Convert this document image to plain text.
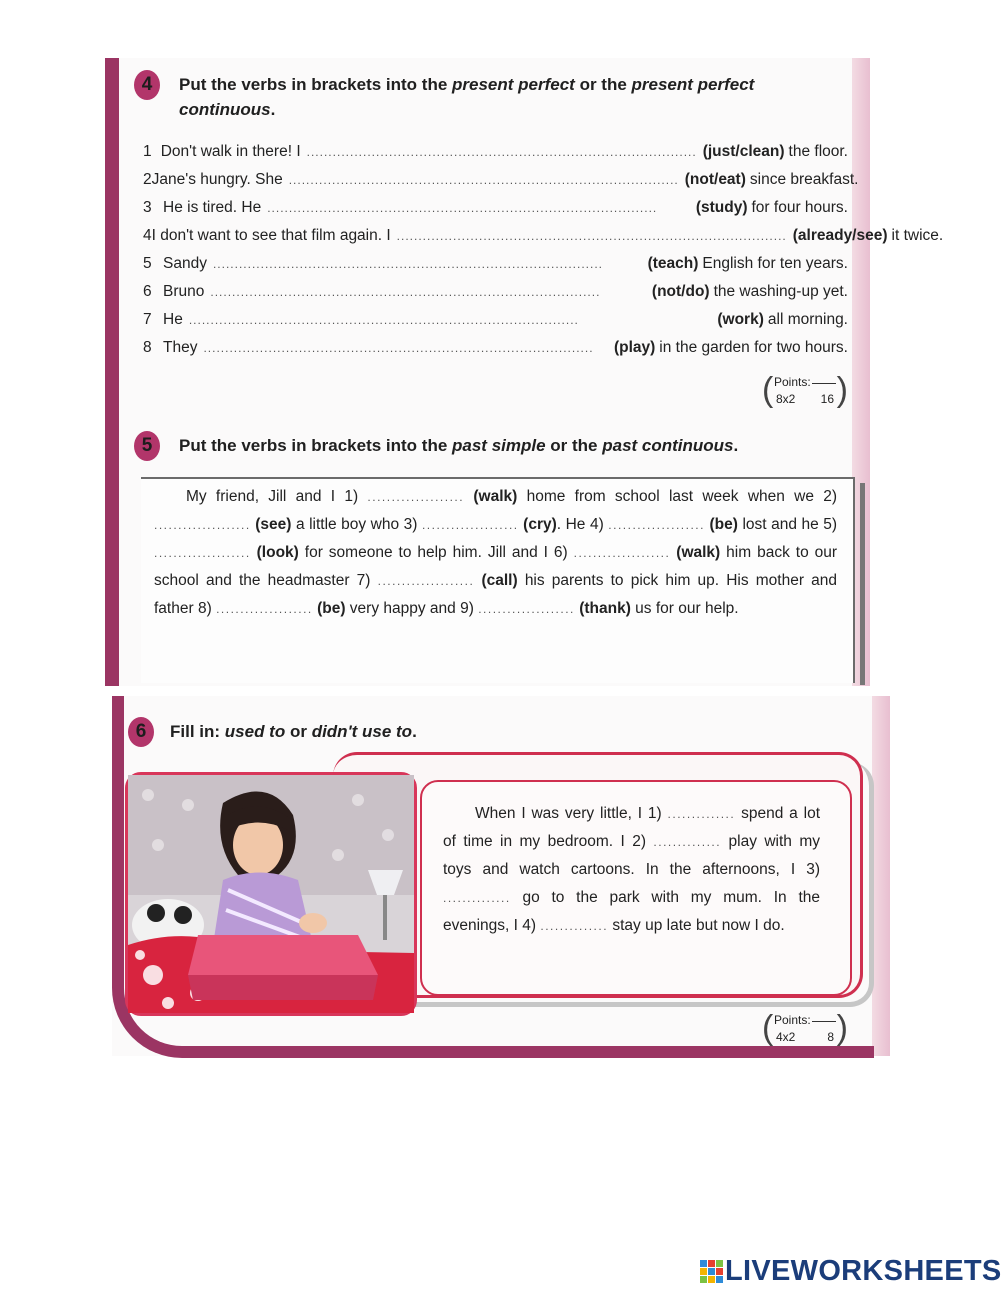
4	Put the verbs in brackets into the present perfect or the present perfect continuous.
1 Don't walk in there! I .......................................................................................... (just/clean) the floor.
2 Jane's hungry. She .......................................................................................... (not/eat) since breakfast.
3 He is tired. He ..........................................................................................	(study) for four hours.
4 I don't want to see that film again. I .......................................................................................... (already/see) it twice.
5 Sandy ..........................................................................................	(teach) English for ten years.
6 Bruno ..........................................................................................	(not/do) the washing-up yet.
7 He ..........................................................................................	(work) all morning.
8 They ..........................................................................................	(play) in the garden for two hours.
( Points:
8x2 16 )
5	Put the verbs in brackets into the past simple or the past continuous.
My friend, Jill and I 1) .................... (walk) home from school last week when we 2) .................... (see) a little boy who 3) .................... (cry). He 4) .................... (be) lost and he 5) .................... (look) for someone to help him. Jill and I 6) .................... (walk) him back to our school and the headmaster 7) .................... (call) his parents to pick him up. His mother and father 8) .................... (be) very happy and 9) .................... (thank) us for our help.
6	Fill in: used to or didn't use to.
When I was very little, I 1) .............. spend a lot of time in my bedroom. I 2) .............. play with my toys and watch cartoons. In the afternoons, I 3) .............. go to the park with my mum. In the evenings, I 4) .............. stay up late but now I do.
( Points:
4x2	8 )
LIVEWORKSHEETS
